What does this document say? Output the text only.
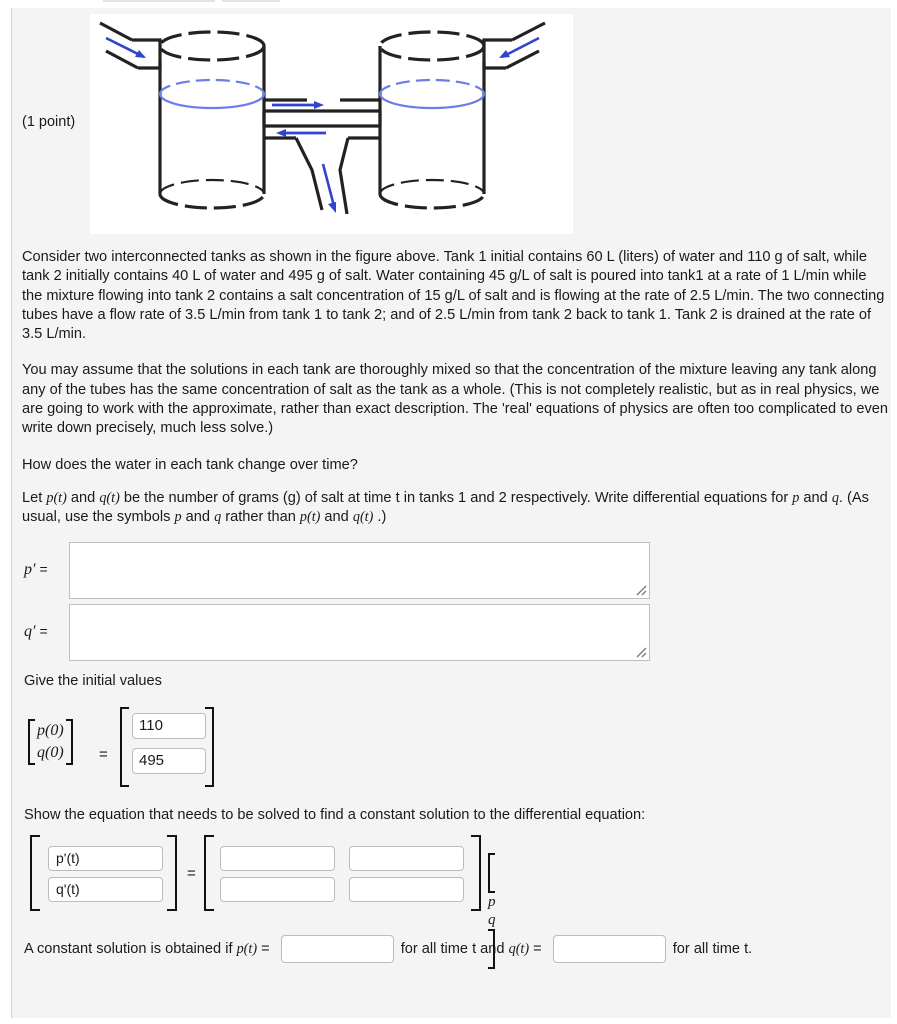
(1 point)

Consider two interconnected tanks as shown in the figure above. Tank 1 initial contains 60 L (liters) of water and 110 g of salt, while tank 2 initially contains 40 L of water and 495 g of salt. Water containing 45 g/L of salt is poured into tank1 at a rate of 1 L/min while the mixture flowing into tank 2 contains a salt concentration of 15 g/L of salt and is flowing at the rate of 2.5 L/min. The two connecting tubes have a flow rate of 3.5 L/min from tank 1 to tank 2; and of 2.5 L/min from tank 2 back to tank 1. Tank 2 is drained at the rate of 3.5 L/min.

You may assume that the solutions in each tank are thoroughly mixed so that the concentration of the mixture leaving any tank along any of the tubes has the same concentration of salt as the tank as a whole. (This is not completely realistic, but as in real physics, we are going to work with the approximate, rather than exact description. The 'real' equations of physics are often too complicated to even write down precisely, much less solve.)

How does the water in each tank change over time?

Let p(t) and q(t) be the number of grams (g) of salt at time t in tanks 1 and 2 respectively. Write differential equations for p and q. (As usual, use the symbols p and q rather than p(t) and q(t) .)

p′ =
q′ =
Give the initial values
p(0)
q(0) =
110
495
Show the equation that needs to be solved to find a constant solution to the differential equation:
p'(t)
q'(t)
=
p
q
A constant solution is obtained if p(t) =	for all time t and q(t) =	for all time t.
